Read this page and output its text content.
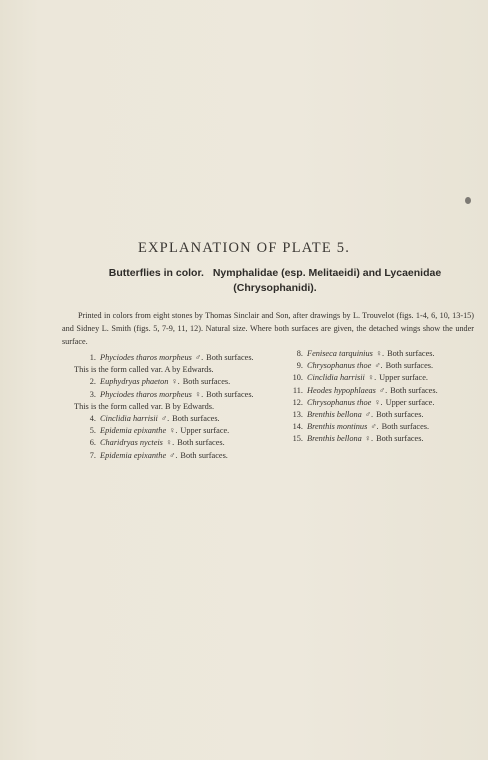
EXPLANATION OF PLATE 5.
Butterflies in color. Nymphalidae (esp. Melitaeidi) and Lycaenidae (Chrysophanidi).
Printed in colors from eight stones by Thomas Sinclair and Son, after drawings by L. Trouvelot (figs. 1-4, 6, 10, 13-15) and Sidney L. Smith (figs. 5, 7-9, 11, 12). Natural size. Where both surfaces are given, the detached wings show the under surface.
1. Phyciodes tharos morpheus ♂. Both surfaces.
This is the form called var. A by Edwards.
2. Euphydryas phaeton ♀. Both surfaces.
3. Phyciodes tharos morpheus ♀. Both surfaces.
This is the form called var. B by Edwards.
4. Cinclidia harrisii ♂. Both surfaces.
5. Epidemia epixanthe ♀. Upper surface.
6. Charidryas nycteis ♀. Both surfaces.
7. Epidemia epixanthe ♂. Both surfaces.
8. Feniseca tarquinius ♀. Both surfaces.
9. Chrysophanus thoe ♂. Both surfaces.
10. Cinclidia harrisii ♀. Upper surface.
11. Heodes hypophlaeas ♂. Both surfaces.
12. Chrysophanus thoe ♀. Upper surface.
13. Brenthis bellona ♂. Both surfaces.
14. Brenthis montinus ♂. Both surfaces.
15. Brenthis bellona ♀. Both surfaces.
